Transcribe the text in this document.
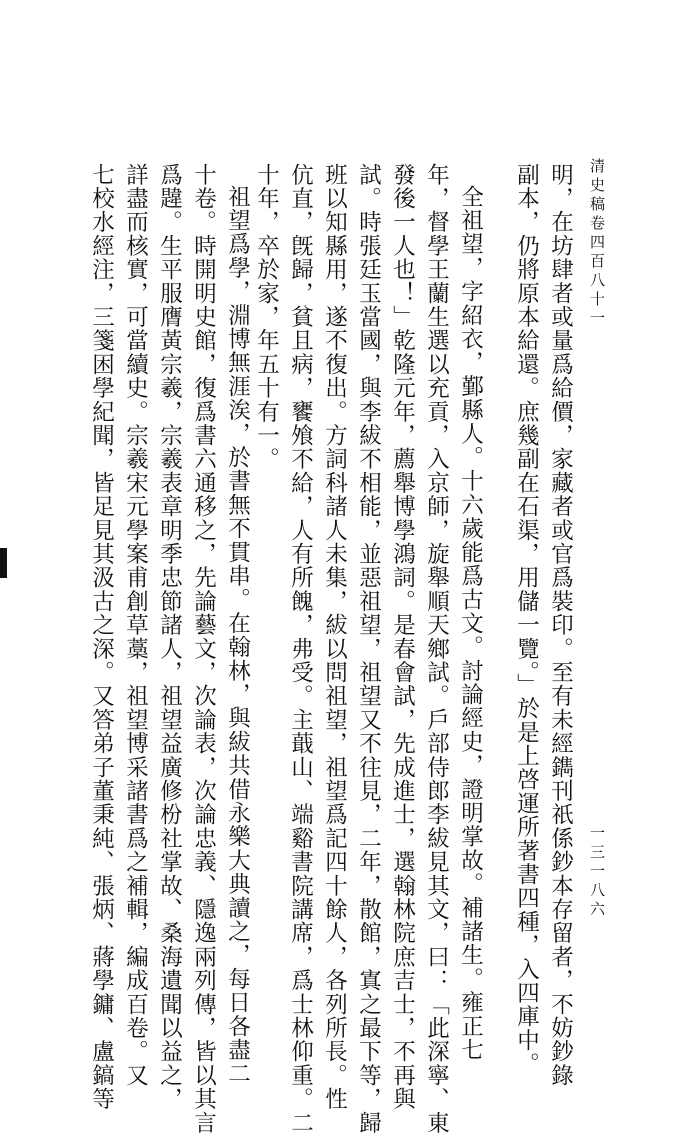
清史稿卷四百八十一
一三一八六
明，在坊肆者或量爲給價，家藏者或官爲裝印。至有未經鐫刊祇係鈔本存留者，不妨鈔錄
副本，仍將原本給還。庶幾副在石渠，用儲一覽。」於是上啓運所著書四種，入四庫中。
全祖望，字紹衣，鄞縣人。十六歲能爲古文。討論經史，證明掌故。補諸生。雍正七
年，督學王蘭生選以充貢，入京師，旋舉順天鄉試。戶部侍郎李紱見其文，曰：「此深寧、東
發後一人也！」乾隆元年，薦舉博學鴻詞。是春會試，先成進士，選翰林院庶吉士，不再與
試。時張廷玉當國，與李紱不相能，並惡祖望，祖望又不往見，二年，散館，寘之最下等，歸
班以知縣用，遂不復出。方詞科諸人未集，紱以問祖望，祖望爲記四十餘人，各列所長。性
伉直，旣歸，貧且病，饔飧不給，人有所餽，弗受。主蕺山、端谿書院講席，爲士林仰重。二
十年，卒於家，年五十有一。
祖望爲學，淵博無涯涘，於書無不貫串。在翰林，與紱共借永樂大典讀之，每日各盡二
十卷。時開明史館，復爲書六通移之，先論藝文，次論表，次論忠義、隱逸兩列傳，皆以其言
爲韙。生平服膺黃宗羲，宗羲表章明季忠節諸人，祖望益廣修枌社掌故、桑海遺聞以益之，
詳盡而核實，可當續史。宗羲宋元學案甫創草藁，祖望博采諸書爲之補輯，編成百卷。又
七校水經注，三箋困學紀聞，皆足見其汲古之深。又答弟子董秉純、張炳、蔣學鏞、盧鎬等
